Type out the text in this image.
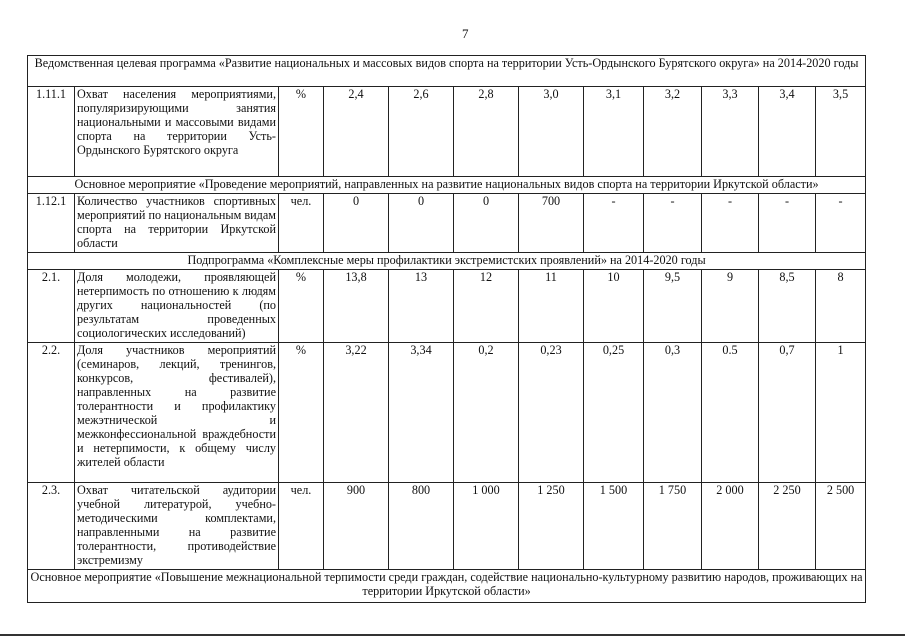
7
Ведомственная целевая программа «Развитие национальных и массовых видов спорта на территории Усть-Ордынского Бурятского округа» на 2014-2020 годы											
1.11.1	Охват населения мероприятиями, популяризирующими занятия национальными и массовыми видами спорта на территории Усть-Ордынского Бурятского округа	%	2,4	2,6	2,8	3,0	3,1	3,2	3,3	3,4	3,5
Основное мероприятие «Проведение мероприятий, направленных на развитие национальных видов спорта на территории Иркутской области»											
1.12.1	Количество участников спортивных мероприятий по национальным видам спорта на территории Иркутской области	чел.	0	0	0	700	-	-	-	-	-
Подпрограмма «Комплексные меры профилактики экстремистских проявлений» на 2014-2020 годы											
2.1.	Доля молодежи, проявляющей нетерпимость по отношению к людям других национальностей (по результатам проведенных социологических исследований)	%	13,8	13	12	11	10	9,5	9	8,5	8
2.2.	Доля участников мероприятий (семинаров, лекций, тренингов, конкурсов, фестивалей), направленных на развитие толерантности и профилактику межэтнической и межконфессиональной враждебности и нетерпимости, к общему числу жителей области	%	3,22	3,34	0,2	0,23	0,25	0,3	0.5	0,7	1
2.3.	Охват читательской аудитории учебной литературой, учебно-методическими комплектами, направленными на развитие толерантности, противодействие экстремизму	чел.	900	800	1 000	1 250	1 500	1 750	2 000	2 250	2 500
Основное мероприятие «Повышение межнациональной терпимости среди граждан, содействие национально-культурному развитию народов, проживающих на территории Иркутской области»											
